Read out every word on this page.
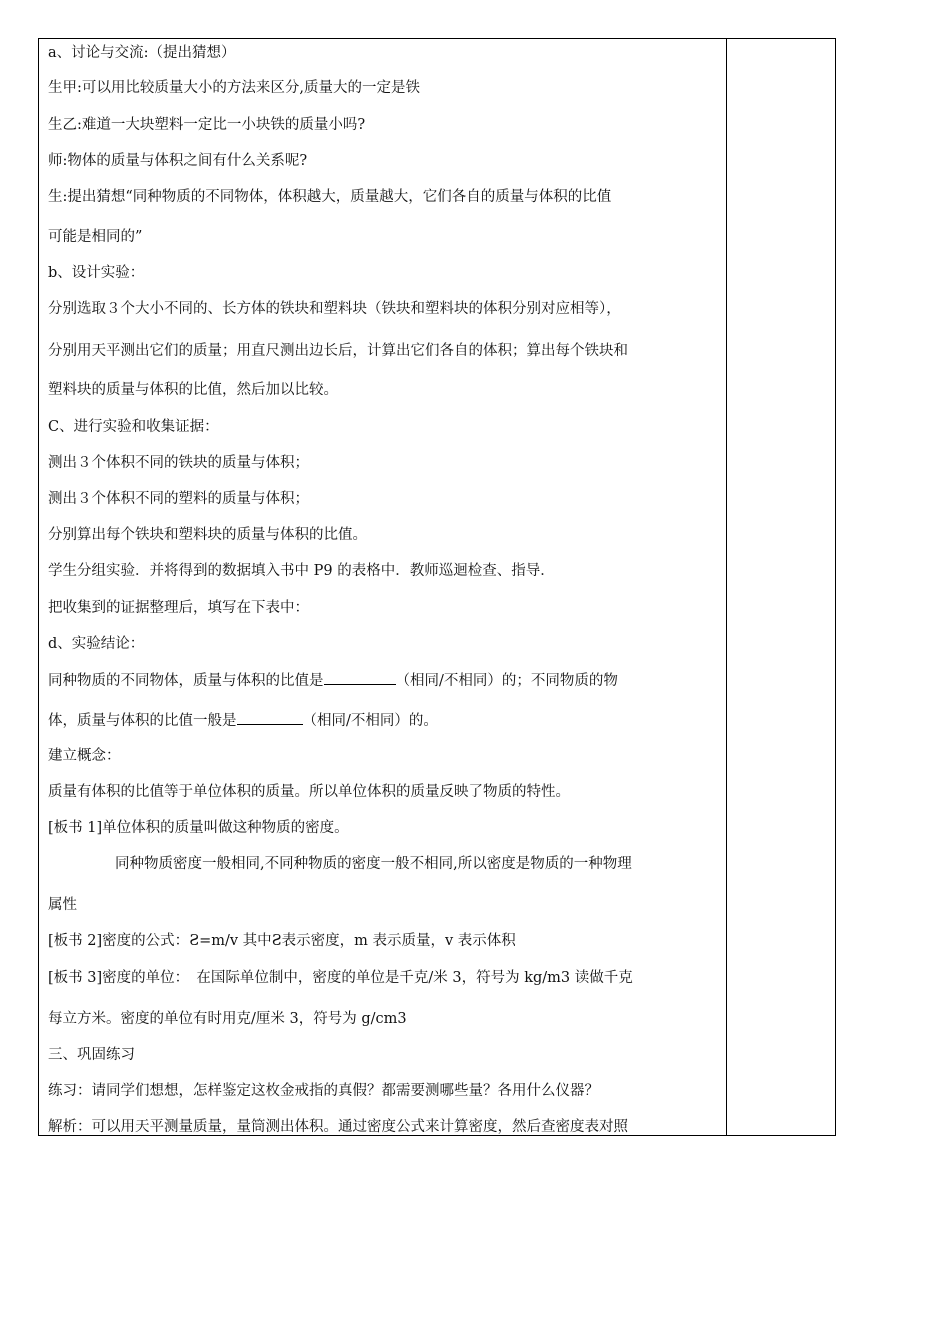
a、讨论与交流:（提出猜想）
生甲:可以用比较质量大小的方法来区分,质量大的一定是铁
生乙:难道一大块塑料一定比一小块铁的质量小吗?
师:物体的质量与体积之间有什么关系呢?
生:提出猜想“同种物质的不同物体，体积越大，质量越大，它们各自的质量与体积的比值
可能是相同的”
b、设计实验：
分别选取３个大小不同的、长方体的铁块和塑料块（铁块和塑料块的体积分别对应相等），
分别用天平测出它们的质量；用直尺测出边长后，计算出它们各自的体积；算出每个铁块和
塑料块的质量与体积的比值，然后加以比较。
C、进行实验和收集证据：
测出３个体积不同的铁块的质量与体积；
测出３个体积不同的塑料的质量与体积；
分别算出每个铁块和塑料块的质量与体积的比值。
学生分组实验．并将得到的数据填入书中 P9 的表格中．教师巡迴检查、指导．
把收集到的证据整理后，填写在下表中：
d、实验结论：
同种物质的不同物体，质量与体积的比值是	（相同/不相同）的；不同物质的物
体，质量与体积的比值一般是	（相同/不相同）的。
建立概念：
质量有体积的比值等于单位体积的质量。所以单位体积的质量反映了物质的特性。
[板书 1]单位体积的质量叫做这种物质的密度。
同种物质密度一般相同,不同种物质的密度一般不相同,所以密度是物质的一种物理
属性
[板书 2]密度的公式：Ƨ=m/v 其中Ƨ表示密度，m 表示质量，v 表示体积
[板书 3]密度的单位：　在国际单位制中，密度的单位是千克/米 3，符号为 kg/m3 读做千克
每立方米。密度的单位有时用克/厘米 3，符号为 g/cm3
三、巩固练习
练习：请同学们想想，怎样鉴定这枚金戒指的真假？都需要测哪些量？各用什么仪器？
解析：可以用天平测量质量，量筒测出体积。通过密度公式来计算密度，然后查密度表对照
